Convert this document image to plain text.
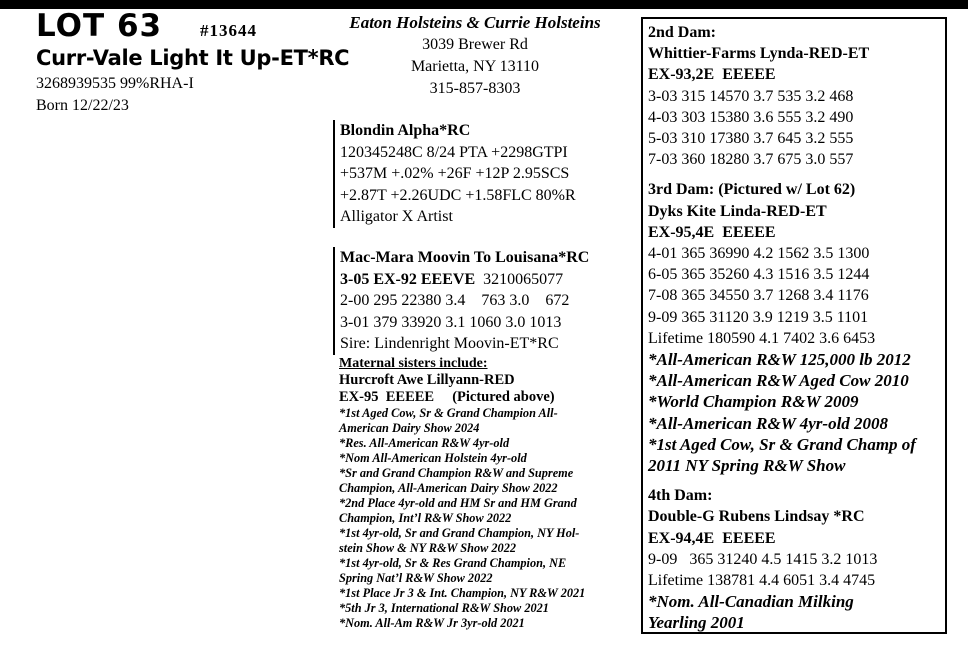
LOT 63 #13644
Curr-Vale Light It Up-ET*RC
3268939535 99%RHA-I
Born 12/22/23
Eaton Holsteins & Currie Holsteins
3039 Brewer Rd
Marietta, NY 13110
315-857-8303
Blondin Alpha*RC
120345248C 8/24 PTA +2298GTPI
+537M +.02% +26F +12P 2.95SCS
+2.87T +2.26UDC +1.58FLC 80%R
Alligator X Artist
Mac-Mara Moovin To Louisana*RC
3-05 EX-92 EEEVE  3210065077
2-00 295 22380 3.4    763 3.0    672
3-01 379 33920 3.1 1060 3.0 1013
Sire: Lindenright Moovin-ET*RC
Maternal sisters include:
Hurcroft Awe Lillyann-RED
EX-95  EEEEE     (Pictured above)
*1st Aged Cow, Sr & Grand Champion All-
American Dairy Show 2024
*Res. All-American R&W 4yr-old
*Nom All-American Holstein 4yr-old
*Sr and Grand Champion R&W and Supreme
Champion, All-American Dairy Show 2022
*2nd Place 4yr-old and HM Sr and HM Grand
Champion, Int’l R&W Show 2022
*1st 4yr-old, Sr and Grand Champion, NY Hol-
stein Show & NY R&W Show 2022
*1st 4yr-old, Sr & Res Grand Champion, NE
Spring Nat’l R&W Show 2022
*1st Place Jr 3 & Int. Champion, NY R&W 2021
*5th Jr 3, International R&W Show 2021
*Nom. All-Am R&W Jr 3yr-old 2021
2nd Dam:
Whittier-Farms Lynda-RED-ET
EX-93,2E  EEEEE
3-03 315 14570 3.7 535 3.2 468
4-03 303 15380 3.6 555 3.2 490
5-03 310 17380 3.7 645 3.2 555
7-03 360 18280 3.7 675 3.0 557
3rd Dam: (Pictured w/ Lot 62)
Dyks Kite Linda-RED-ET
EX-95,4E  EEEEE
4-01 365 36990 4.2 1562 3.5 1300
6-05 365 35260 4.3 1516 3.5 1244
7-08 365 34550 3.7 1268 3.4 1176
9-09 365 31120 3.9 1219 3.5 1101
Lifetime 180590 4.1 7402 3.6 6453
*All-American R&W 125,000 lb 2012
*All-American R&W Aged Cow 2010
*World Champion R&W 2009
*All-American R&W 4yr-old 2008
*1st Aged Cow, Sr & Grand Champ of
2011 NY Spring R&W Show
4th Dam:
Double-G Rubens Lindsay *RC
EX-94,4E  EEEEE
9-09   365 31240 4.5 1415 3.2 1013
Lifetime 138781 4.4 6051 3.4 4745
*Nom. All-Canadian Milking
Yearling 2001
